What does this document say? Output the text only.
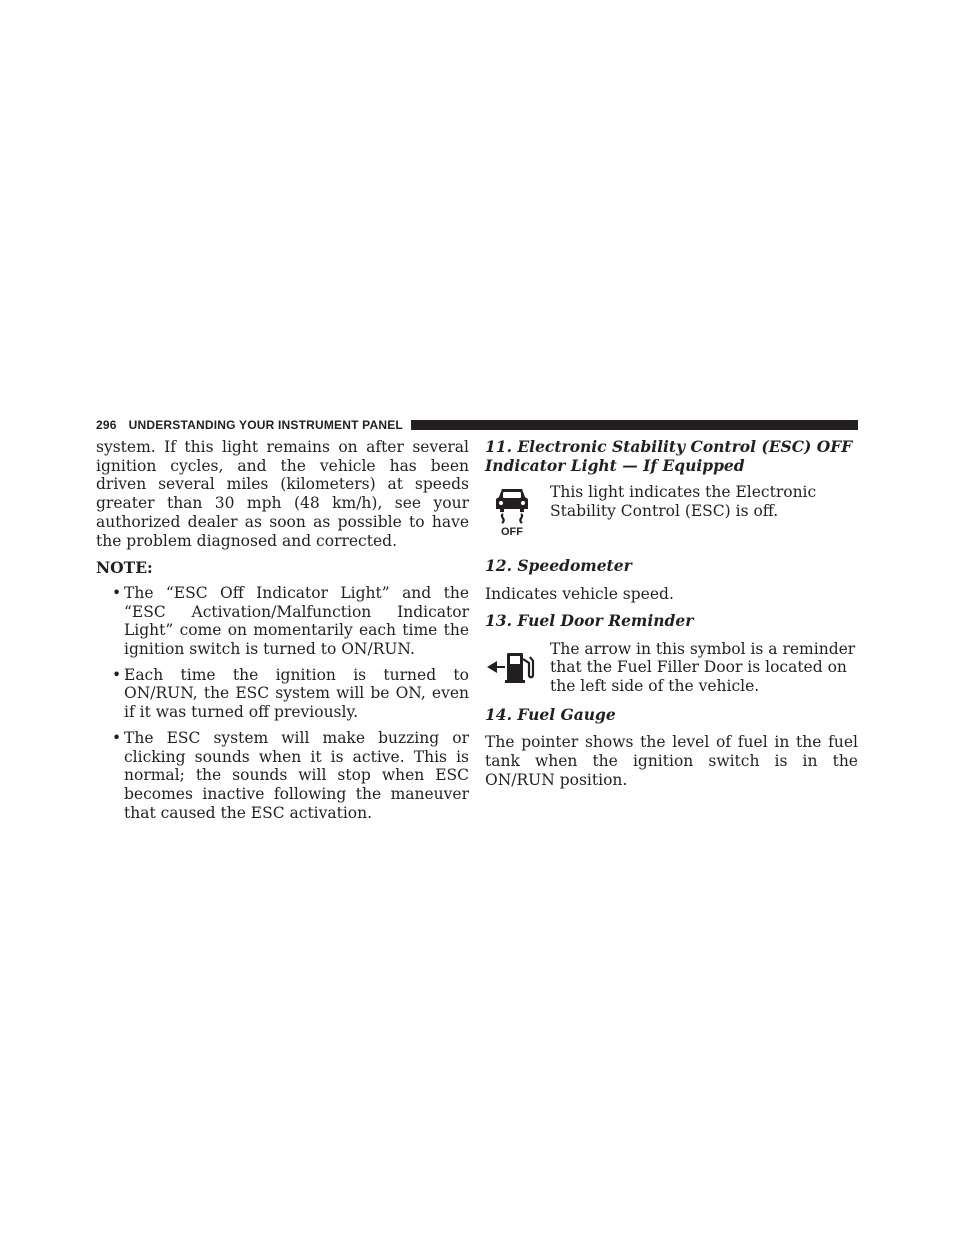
296 UNDERSTANDING YOUR INSTRUMENT PANEL

system. If this light remains on after several ignition cycles, and the vehicle has been driven several miles (kilometers) at speeds greater than 30 mph (48 km/h), see your authorized dealer as soon as possible to have the problem diagnosed and corrected.

NOTE:
• The “ESC Off Indicator Light” and the “ESC Activation/Malfunction Indicator Light” come on momentarily each time the ignition switch is turned to ON/RUN.
• Each time the ignition is turned to ON/RUN, the ESC system will be ON, even if it was turned off previously.
• The ESC system will make buzzing or clicking sounds when it is active. This is normal; the sounds will stop when ESC becomes inactive following the maneuver that caused the ESC activation.

11. Electronic Stability Control (ESC) OFF Indicator Light — If Equipped

OFF

This light indicates the Electronic Stability Control (ESC) is off.

12. Speedometer

Indicates vehicle speed.

13. Fuel Door Reminder

The arrow in this symbol is a reminder that the Fuel Filler Door is located on the left side of the vehicle.

14. Fuel Gauge

The pointer shows the level of fuel in the fuel tank when the ignition switch is in the ON/RUN position.
